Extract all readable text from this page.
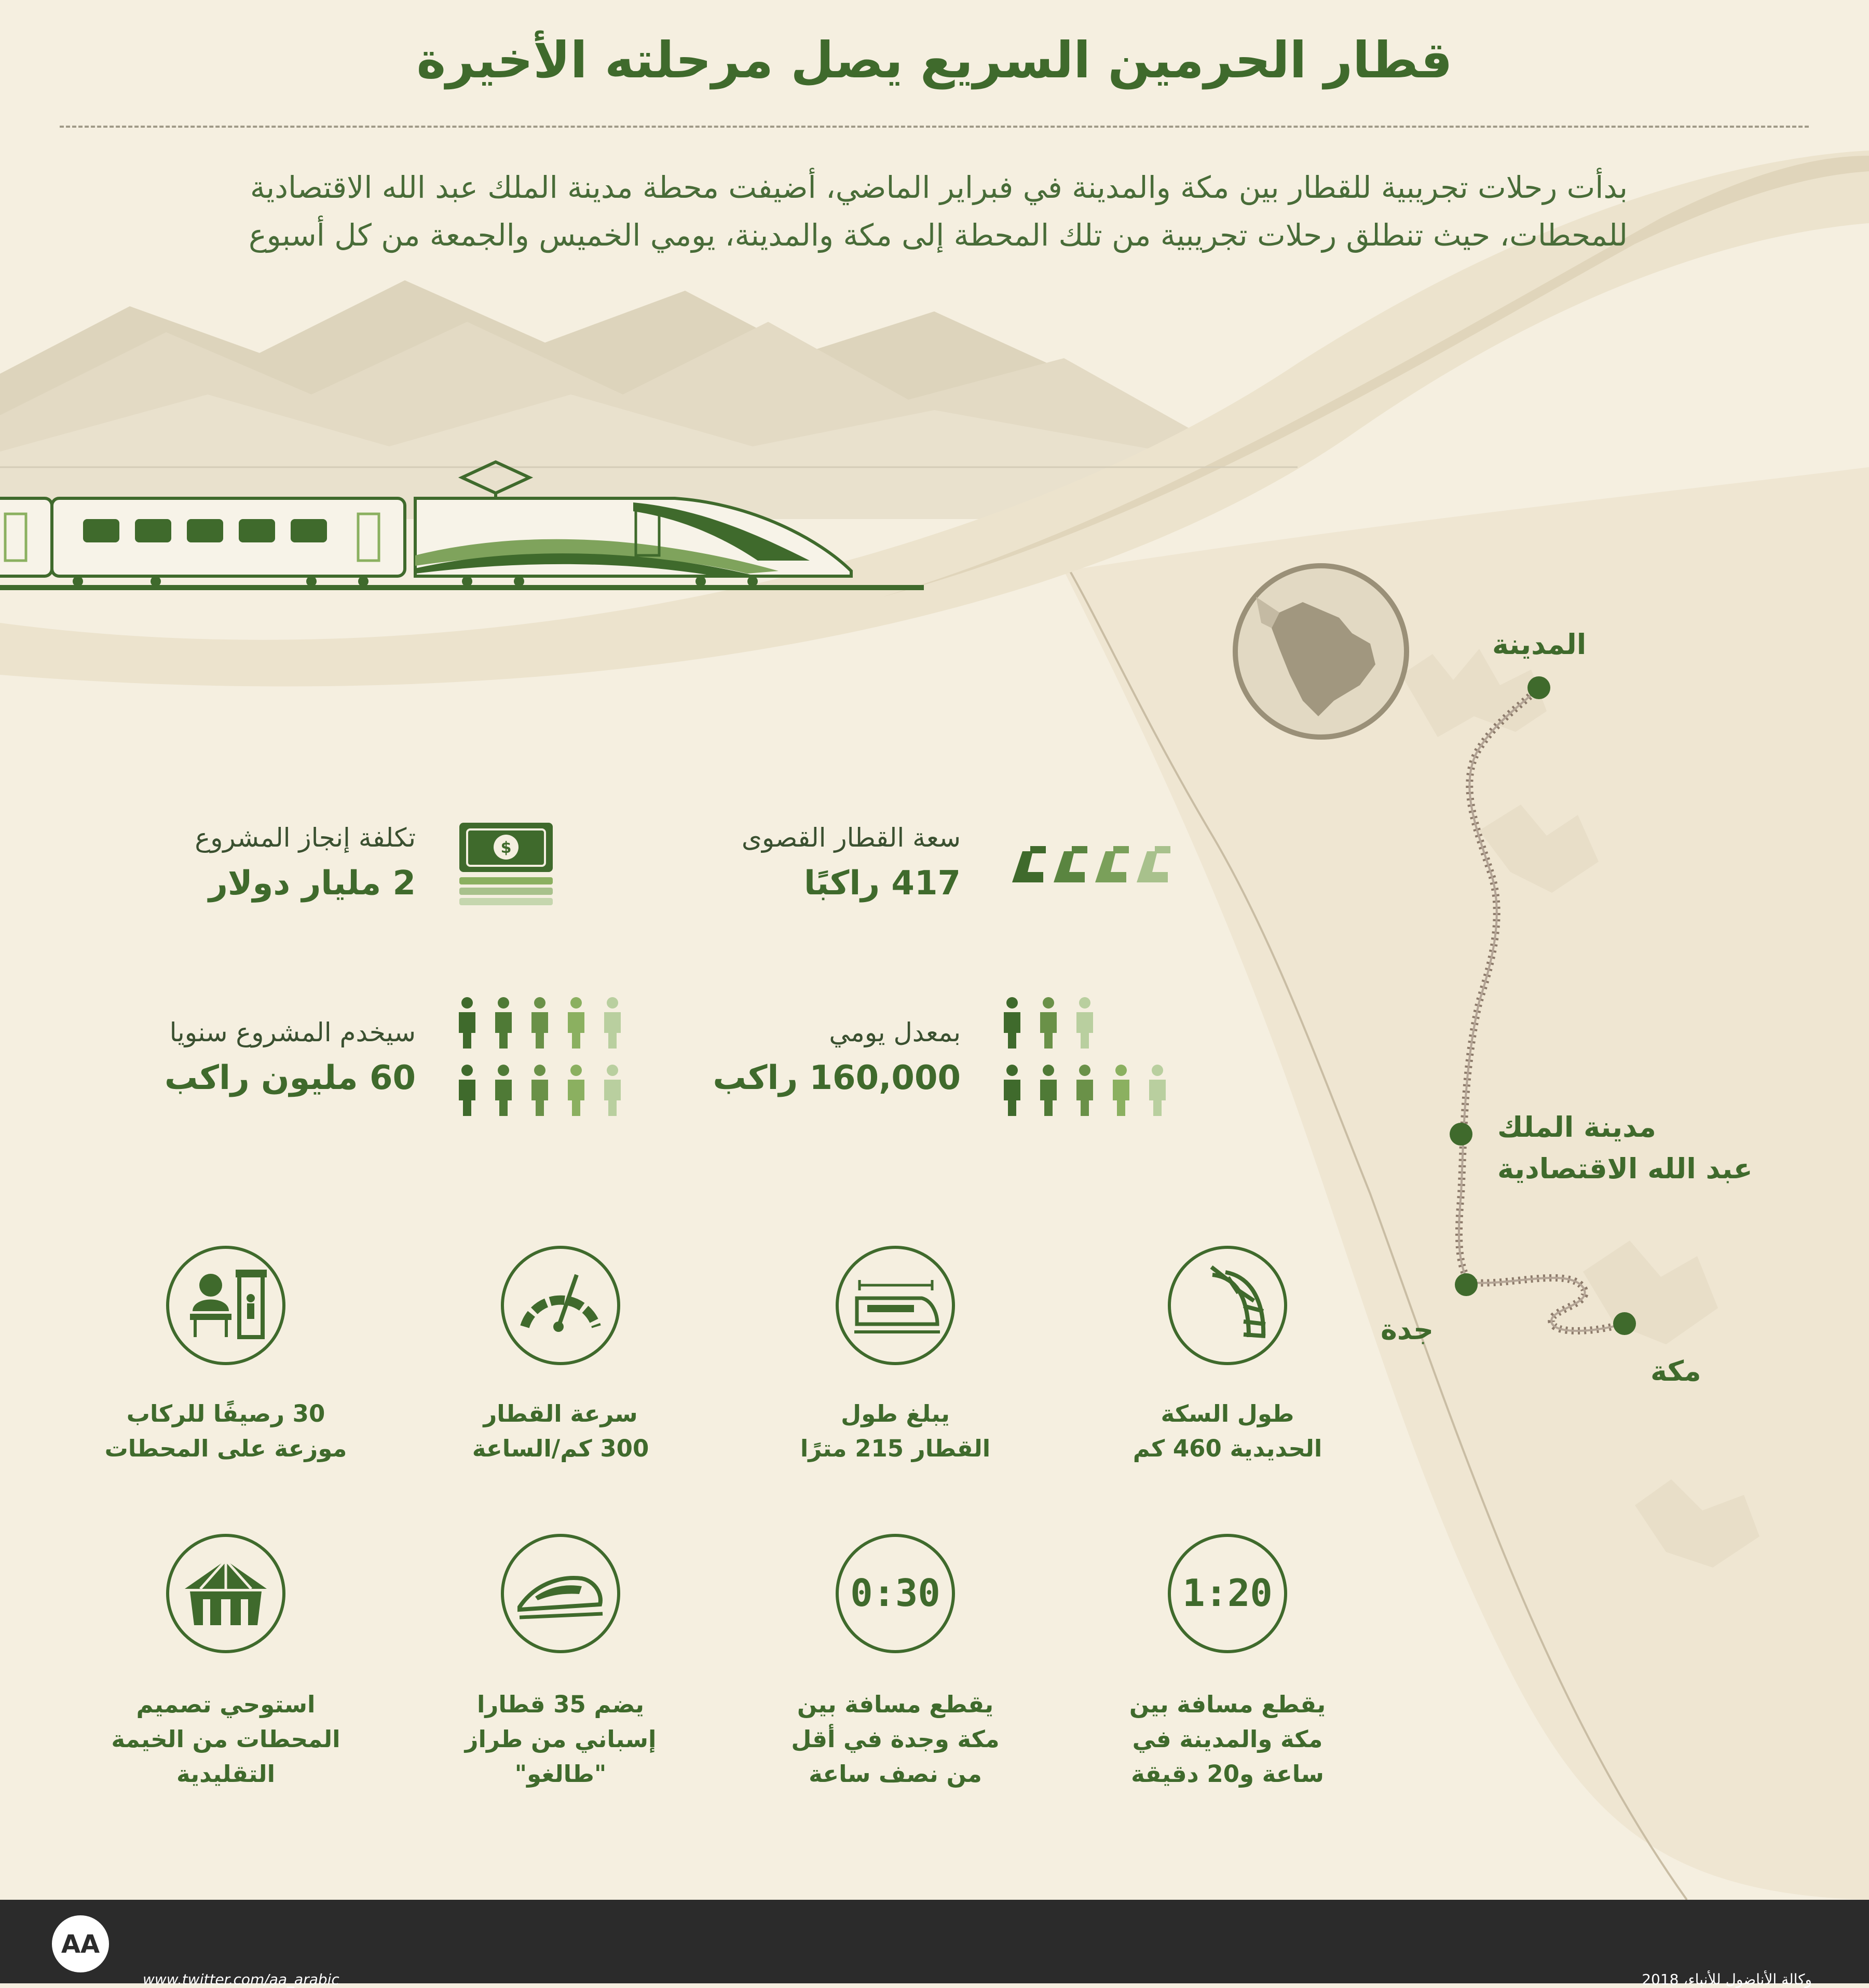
قطار الحرمين السريع يصل مرحلته الأخيرة
بدأت رحلات تجريبية للقطار بين مكة والمدينة في فبراير الماضي، أضيفت محطة مدينة الملك عبد الله الاقتصادية
للمحطات، حيث تنطلق رحلات تجريبية من تلك المحطة إلى مكة والمدينة، يومي الخميس والجمعة من كل أسبوع
المدينة
مدينة الملك
عبد الله الاقتصادية
جدة
مكة
سعة القطار القصوى
417 راكبًا
تكلفة إنجاز المشروع
2 مليار دولار
$
بمعدل يومي
160,000 راكب
سيخدم المشروع سنويا
60 مليون راكب
طول السكة
الحديدية 460 كم
يبلغ طول
القطار 215 مترًا
سرعة القطار
300 كم/الساعة
30 رصيفًا للركاب
موزعة على المحطات
1:20
0:30
يقطع مسافة بين
مكة والمدينة في
ساعة و20 دقيقة
يقطع مسافة بين
مكة وجدة في أقل
من نصف ساعة
يضم 35 قطارا
إسباني من طراز
"طالغو"
استوحي تصميم
المحطات من الخيمة
التقليدية
AA
www.twitter.com/aa_arabic	وكالة الأناضول للأنباء، 2018
